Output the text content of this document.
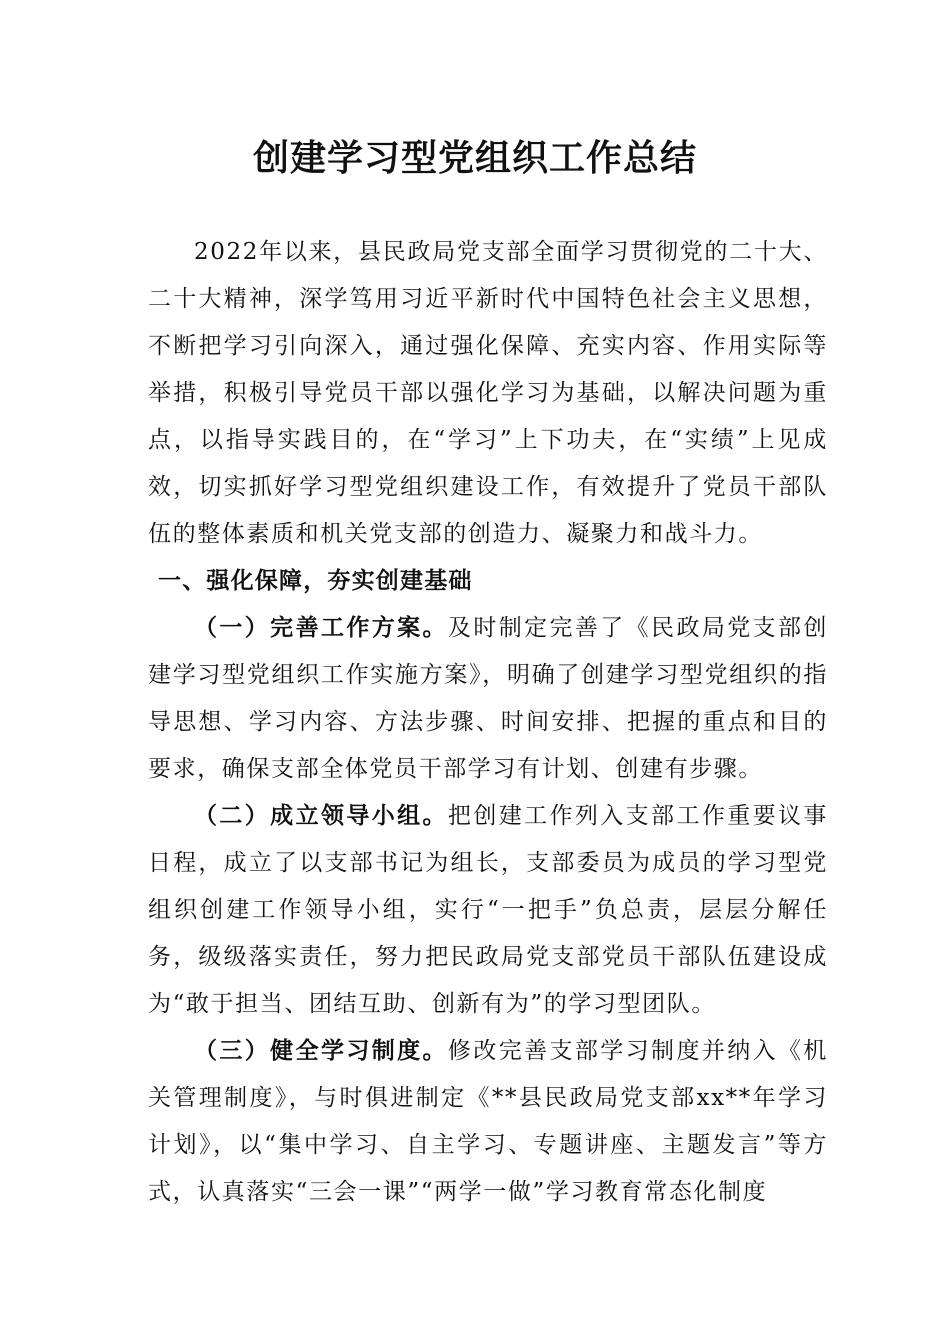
创建学习型党组织工作总结

2022年以来，县民政局党支部全面学习贯彻党的二十大、二十大精神，深学笃用习近平新时代中国特色社会主义思想，不断把学习引向深入，通过强化保障、充实内容、作用实际等举措，积极引导党员干部以强化学习为基础，以解决问题为重点，以指导实践目的，在“学习”上下功夫，在“实绩”上见成效，切实抓好学习型党组织建设工作，有效提升了党员干部队伍的整体素质和机关党支部的创造力、凝聚力和战斗力。

一、强化保障，夯实创建基础

（一）完善工作方案。及时制定完善了《民政局党支部创建学习型党组织工作实施方案》，明确了创建学习型党组织的指导思想、学习内容、方法步骤、时间安排、把握的重点和目的要求，确保支部全体党员干部学习有计划、创建有步骤。

（二）成立领导小组。把创建工作列入支部工作重要议事日程，成立了以支部书记为组长，支部委员为成员的学习型党组织创建工作领导小组，实行“一把手”负总责，层层分解任务，级级落实责任，努力把民政局党支部党员干部队伍建设成为“敢于担当、团结互助、创新有为”的学习型团队。

（三）健全学习制度。修改完善支部学习制度并纳入《机关管理制度》，与时俱进制定《**县民政局党支部xx**年学习计划》，以“集中学习、自主学习、专题讲座、主题发言”等方式，认真落实“三会一课”“两学一做”学习教育常态化制度
